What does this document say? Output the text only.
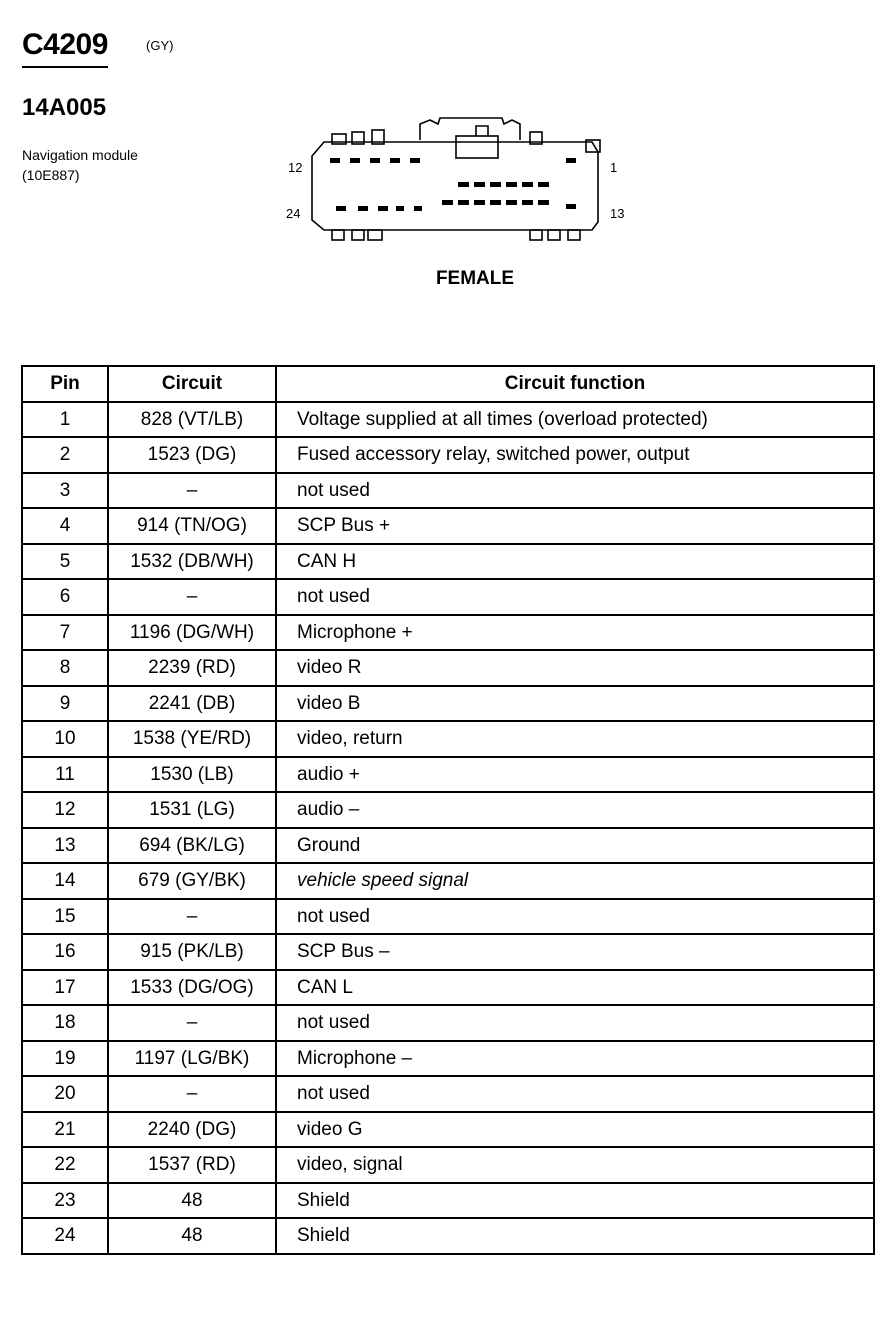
C4209	(GY)
14A005
Navigation module
(10E887)	12	1
24	13
FEMALE
Pin	Circuit	Circuit function
1	828 (VT/LB)	Voltage supplied at all times (overload protected)
2	1523 (DG)	Fused accessory relay, switched power, output
3	–	not used
4	914 (TN/OG)	SCP Bus +
5	1532 (DB/WH)	CAN H
6	–	not used
7	1196 (DG/WH)	Microphone +
8	2239 (RD)	video R
9	2241 (DB)	video B
10	1538 (YE/RD)	video, return
11	1530 (LB)	audio +
12	1531 (LG)	audio –
13	694 (BK/LG)	Ground
14	679 (GY/BK)	vehicle speed signal
15	–	not used
16	915 (PK/LB)	SCP Bus –
17	1533 (DG/OG)	CAN L
18	–	not used
19	1197 (LG/BK)	Microphone –
20	–	not used
21	2240 (DG)	video G
22	1537 (RD)	video, signal
23	48	Shield
24	48	Shield
